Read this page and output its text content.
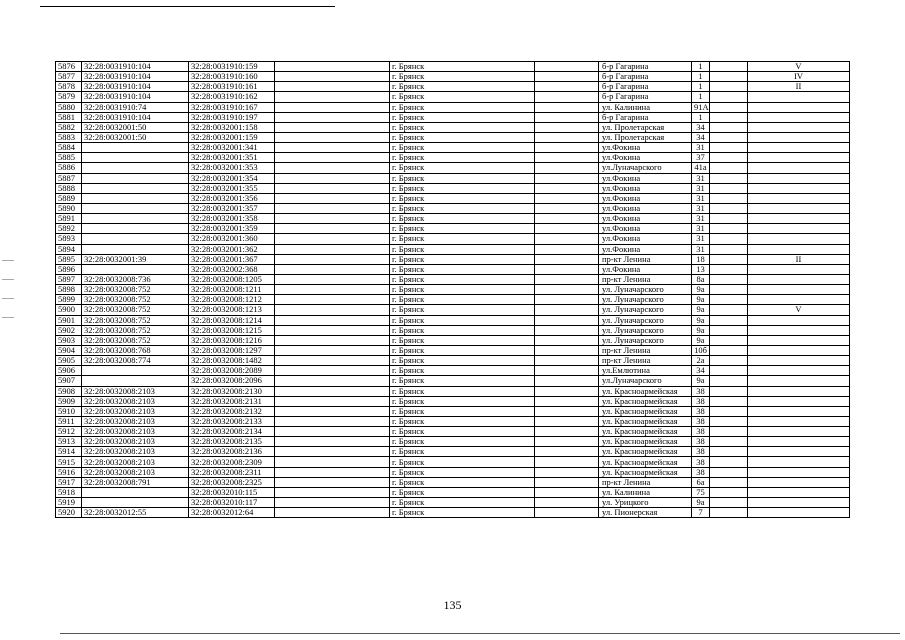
5876	32:28:0031910:104	32:28:0031910:159		г. Брянск		б-р Гагарина	1		V
5877	32:28:0031910:104	32:28:0031910:160		г. Брянск		б-р Гагарина	1		IV
5878	32:28:0031910:104	32:28:0031910:161		г. Брянск		б-р Гагарина	1		II
5879	32:28:0031910:104	32:28:0031910:162		г. Брянск		б-р Гагарина	1		
5880	32:28:0031910:74	32:28:0031910:167		г. Брянск		ул. Калинина	91А		
5881	32:28:0031910:104	32:28:0031910:197		г. Брянск		б-р Гагарина	1		
5882	32:28:0032001:50	32:28:0032001:158		г. Брянск		ул. Пролетарская	34		
5883	32:28:0032001:50	32:28:0032001:159		г. Брянск		ул. Пролетарская	34		
5884		32:28:0032001:341		г. Брянск		ул.Фокина	31		
5885		32:28:0032001:351		г. Брянск		ул.Фокина	37		
5886		32:28:0032001:353		г. Брянск		ул.Луначарского	41а		
5887		32:28:0032001:354		г. Брянск		ул.Фокина	31		
5888		32:28:0032001:355		г. Брянск		ул.Фокина	31		
5889		32:28:0032001:356		г. Брянск		ул.Фокина	31		
5890		32:28:0032001:357		г. Брянск		ул.Фокина	31		
5891		32:28:0032001:358		г. Брянск		ул.Фокина	31		
5892		32:28:0032001:359		г. Брянск		ул.Фокина	31		
5893		32:28:0032001:360		г. Брянск		ул.Фокина	31		
5894		32:28:0032001:362		г. Брянск		ул.Фокина	31		
5895	32:28:0032001:39	32:28:0032001:367		г. Брянск		пр-кт Ленина	18		II
5896		32:28:0032002:368		г. Брянск		ул.Фокина	13		
5897	32:28:0032008:736	32:28:0032008:1205		г. Брянск		пр-кт Ленина	8а		
5898	32:28:0032008:752	32:28:0032008:1211		г. Брянск		ул. Луначарского	9а		
5899	32:28:0032008:752	32:28:0032008:1212		г. Брянск		ул. Луначарского	9а		
5900	32:28:0032008:752	32:28:0032008:1213		г. Брянск		ул. Луначарского	9а		V
5901	32:28:0032008:752	32:28:0032008:1214		г. Брянск		ул. Луначарского	9а		
5902	32:28:0032008:752	32:28:0032008:1215		г. Брянск		ул. Луначарского	9а		
5903	32:28:0032008:752	32:28:0032008:1216		г. Брянск		ул. Луначарского	9а		
5904	32:28:0032008:768	32:28:0032008:1297		г. Брянск		пр-кт Ленина	10б		
5905	32:28:0032008:774	32:28:0032008:1482		г. Брянск		пр-кт Ленина	2а		
5906		32:28:0032008:2089		г. Брянск		ул.Емлютина	34		
5907		32:28:0032008:2096		г. Брянск		ул.Луначарского	9а		
5908	32:28:0032008:2103	32:28:0032008:2130		г. Брянск		ул. Красноармейская	38		
5909	32:28:0032008:2103	32:28:0032008:2131		г. Брянск		ул. Красноармейская	38		
5910	32:28:0032008:2103	32:28:0032008:2132		г. Брянск		ул. Красноармейская	38		
5911	32:28:0032008:2103	32:28:0032008:2133		г. Брянск		ул. Красноармейская	38		
5912	32:28:0032008:2103	32:28:0032008:2134		г. Брянск		ул. Красноармейская	38		
5913	32:28:0032008:2103	32:28:0032008:2135		г. Брянск		ул. Красноармейская	38		
5914	32:28:0032008:2103	32:28:0032008:2136		г. Брянск		ул. Красноармейская	38		
5915	32:28:0032008:2103	32:28:0032008:2309		г. Брянск		ул. Красноармейская	38		
5916	32:28:0032008:2103	32:28:0032008:2311		г. Брянск		ул. Красноармейская	38		
5917	32:28:0032008:791	32:28:0032008:2325		г. Брянск		пр-кт Ленина	6а		
5918		32:28:0032010:115		г. Брянск		ул. Калинина	75		
5919		32:28:0032010:117		г. Брянск		ул. Урицкого	9а		
5920	32:28:0032012:55	32:28:0032012:64		г. Брянск		ул. Пионерская	7		
135
